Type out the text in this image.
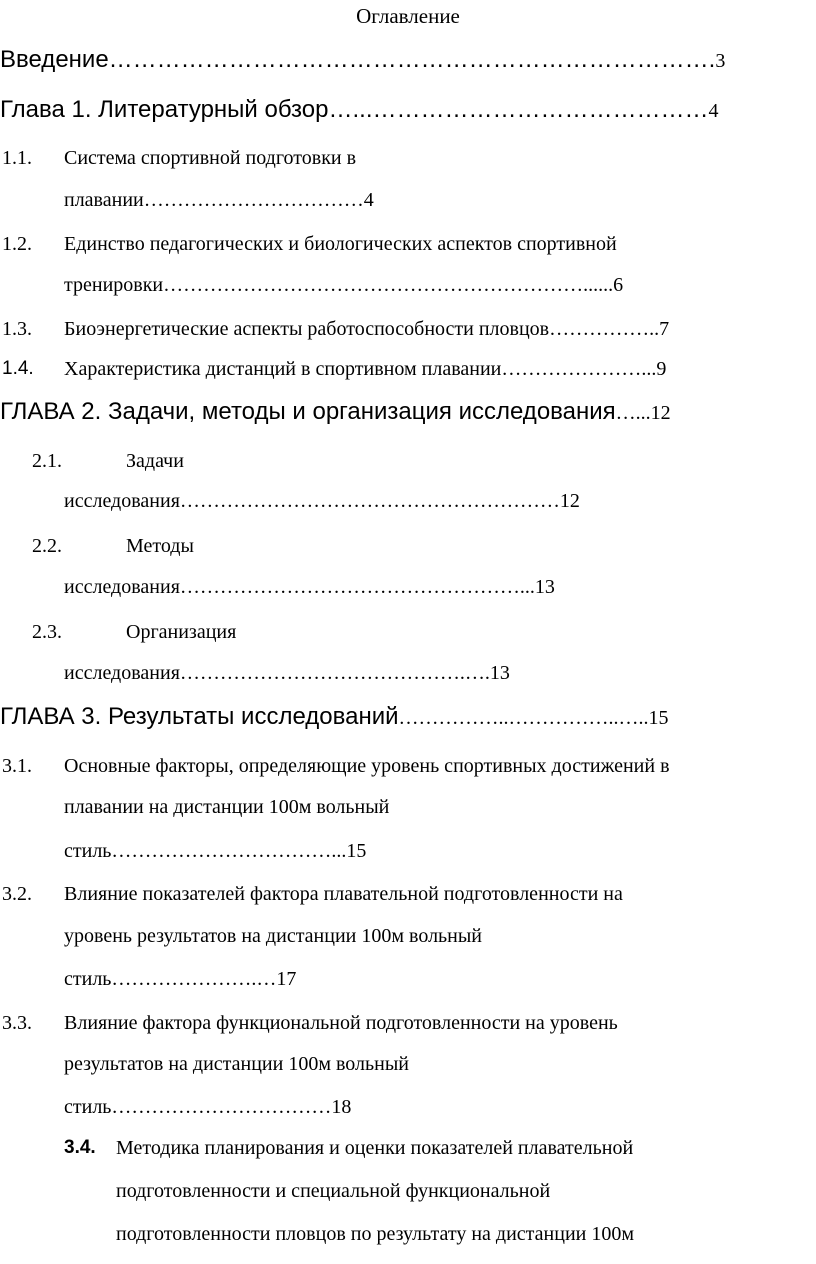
Оглавление
Введение………………………………………………………………….3
Глава 1. Литературный обзор…...……………………………………4
1.1. Система спортивной подготовки в
плавании……………………………4
1.2. Единство педагогических и биологических аспектов спортивной
тренировки………………………………………………………......6
1.3. Биоэнергетические аспекты работоспособности пловцов……………..7
1.4. Характеристика дистанций в спортивном плавании…………………...9
ГЛАВА 2. Задачи, методы и организация исследования…...12
2.1.	Задачи
исследования…………………………………………………12
2.2.	Методы
исследования……………………………………………...13
2.3.	Организация
исследования…………………………………….….13
ГЛАВА 3. Результаты исследований……………..……………..…..15
3.1. Основные факторы, определяющие уровень спортивных достижений в
плавании на дистанции 100м вольный
стиль……………………………...15
3.2. Влияние показателей фактора плавательной подготовленности на
уровень результатов на дистанции 100м вольный
стиль………………….…17
3.3. Влияние фактора функциональной подготовленности на уровень
результатов на дистанции 100м вольный
стиль……………………………18
3.4. Методика планирования и оценки показателей плавательной
подготовленности и специальной функциональной
подготовленности пловцов по результату на дистанции 100м
